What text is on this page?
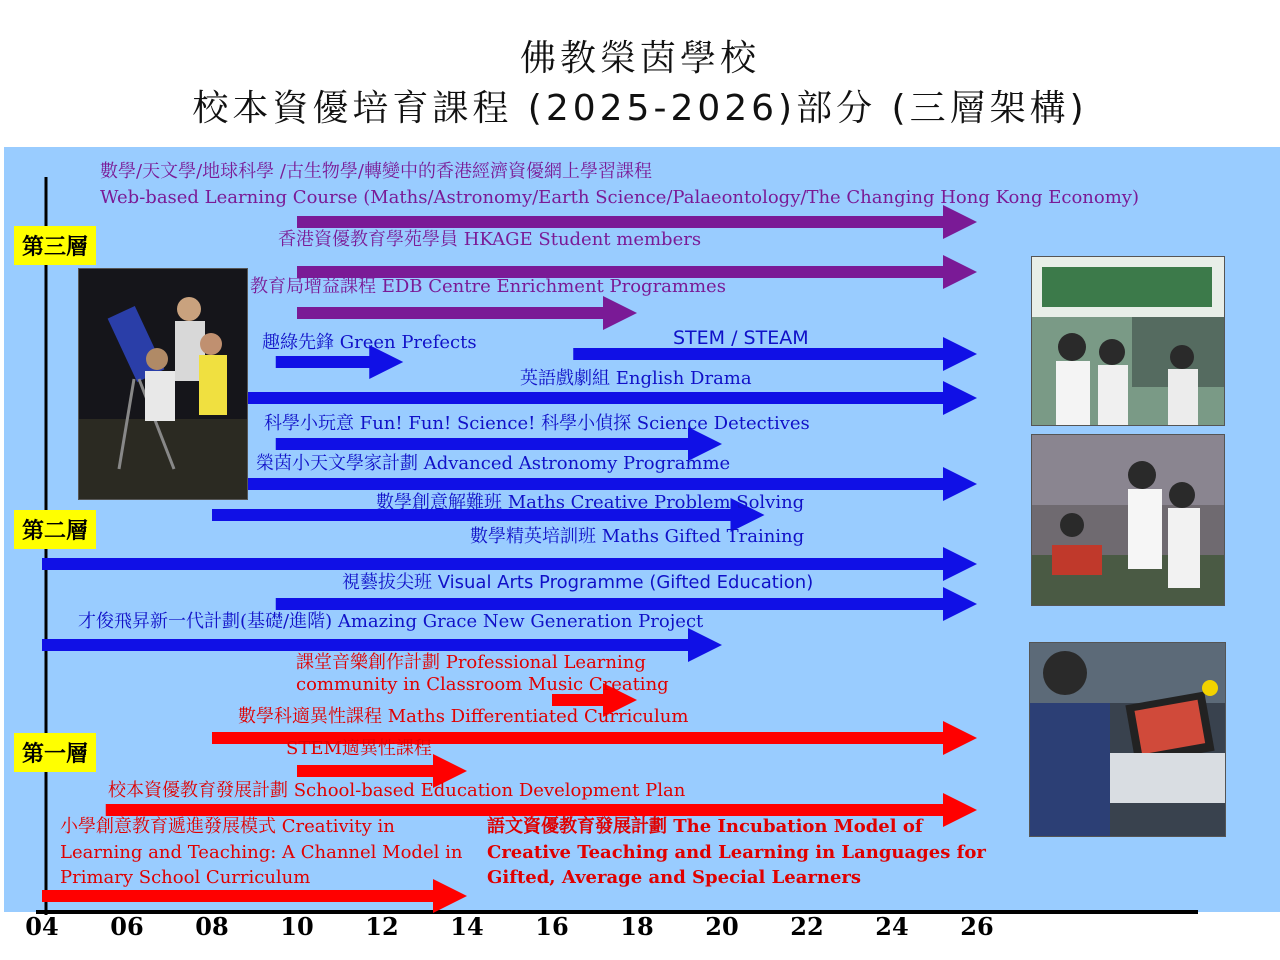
佛教榮茵學校
校本資優培育課程 (2025-2026)部分 (三層架構)
第三層
第二層
第一層
數學/天文學/地球科學 /古生物學/轉變中的香港經濟資優網上學習課程
Web-based Learning Course (Maths/Astronomy/Earth Science/Palaeontology/The Changing Hong Kong Economy)
香港資優教育學苑學員 HKAGE Student members
教育局增益課程 EDB Centre Enrichment Programmes
趣綠先鋒 Green Prefects	STEM / STEAM
英語戲劇組 English Drama
科學小玩意 Fun! Fun! Science! 科學小偵探 Science Detectives
榮茵小天文學家計劃 Advanced Astronomy Programme
數學創意解難班 Maths Creative Problem Solving
數學精英培訓班 Maths Gifted Training
視藝拔尖班 Visual Arts Programme (Gifted Education)
才俊飛昇新一代計劃(基礎/進階) Amazing Grace New Generation Project
課堂音樂創作計劃 Professional Learning
community in Classroom Music Creating
數學科適異性課程 Maths Differentiated Curriculum
STEM適異性課程
校本資優教育發展計劃 School-based Education Development Plan
小學創意教育遞進發展模式 Creativity in
Learning and Teaching: A Channel Model in
Primary School Curriculum
語文資優教育發展計劃 The Incubation Model of
Creative Teaching and Learning in Languages for
Gifted, Average and Special Learners
04	06	08	10	12	14	16	18	20	22	24	26
